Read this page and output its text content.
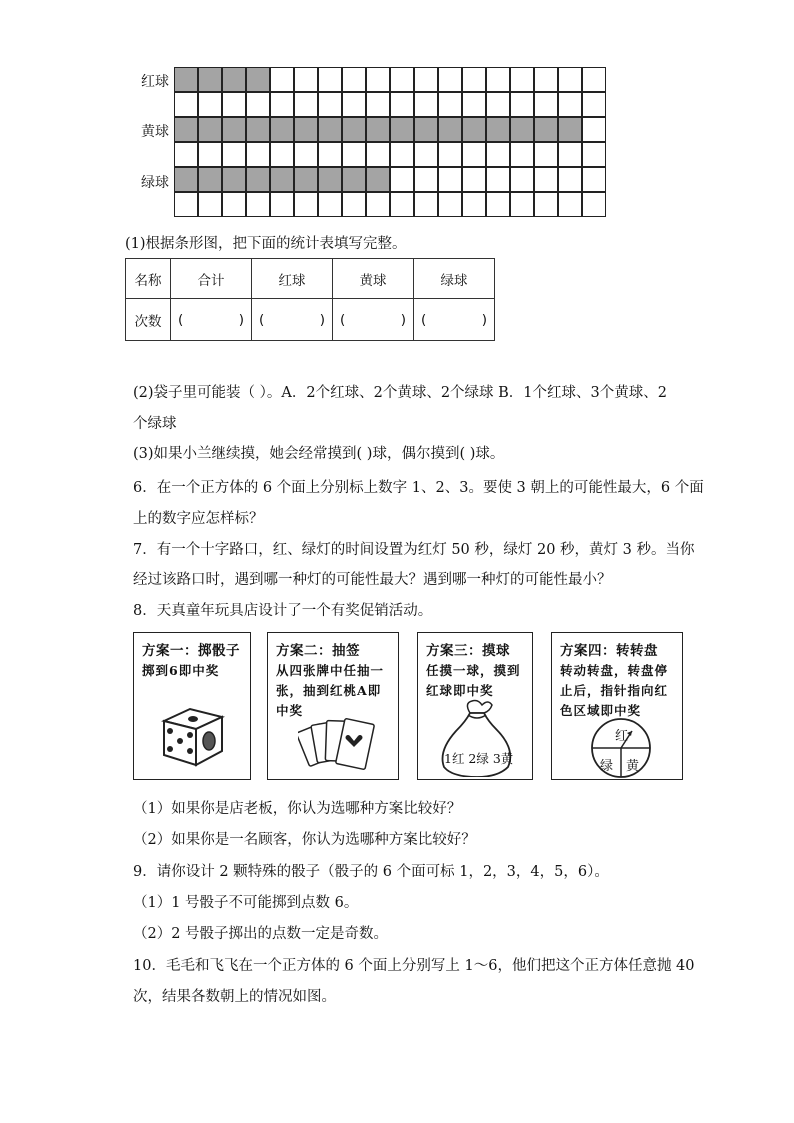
红球
黄球
绿球
(1)根据条形图，把下面的统计表填写完整。
名称	合计	红球	黄球	绿球
次数	( )	( )	( )	( )
(2)袋子里可能装（ ）。A．2个红球、2个黄球、2个绿球 B．1个红球、3个黄球、2
个绿球
(3)如果小兰继续摸，她会经常摸到( )球，偶尔摸到( )球。
6．在一个正方体的 6 个面上分别标上数字 1、2、3。要使 3 朝上的可能性最大，6 个面
上的数字应怎样标？
7．有一个十字路口，红、绿灯的时间设置为红灯 50 秒，绿灯 20 秒，黄灯 3 秒。当你
经过该路口时，遇到哪一种灯的可能性最大？遇到哪一种灯的可能性最小？
8．天真童年玩具店设计了一个有奖促销活动。
方案一：掷骰子
掷到6即中奖
方案二：抽签
从四张牌中任抽一
张，抽到红桃A即
中奖
方案三：摸球
任摸一球，摸到
红球即中奖
1红 2绿 3黄
方案四：转转盘
转动转盘，转盘停
止后，指针指向红
色区域即中奖
红
绿 黄
（1）如果你是店老板，你认为选哪种方案比较好？
（2）如果你是一名顾客，你认为选哪种方案比较好？
9．请你设计 2 颗特殊的骰子（骰子的 6 个面可标 1，2，3，4，5，6）。
（1）1 号骰子不可能掷到点数 6。
（2）2 号骰子掷出的点数一定是奇数。
10．毛毛和飞飞在一个正方体的 6 个面上分别写上 1～6，他们把这个正方体任意抛 40
次，结果各数朝上的情况如图。
